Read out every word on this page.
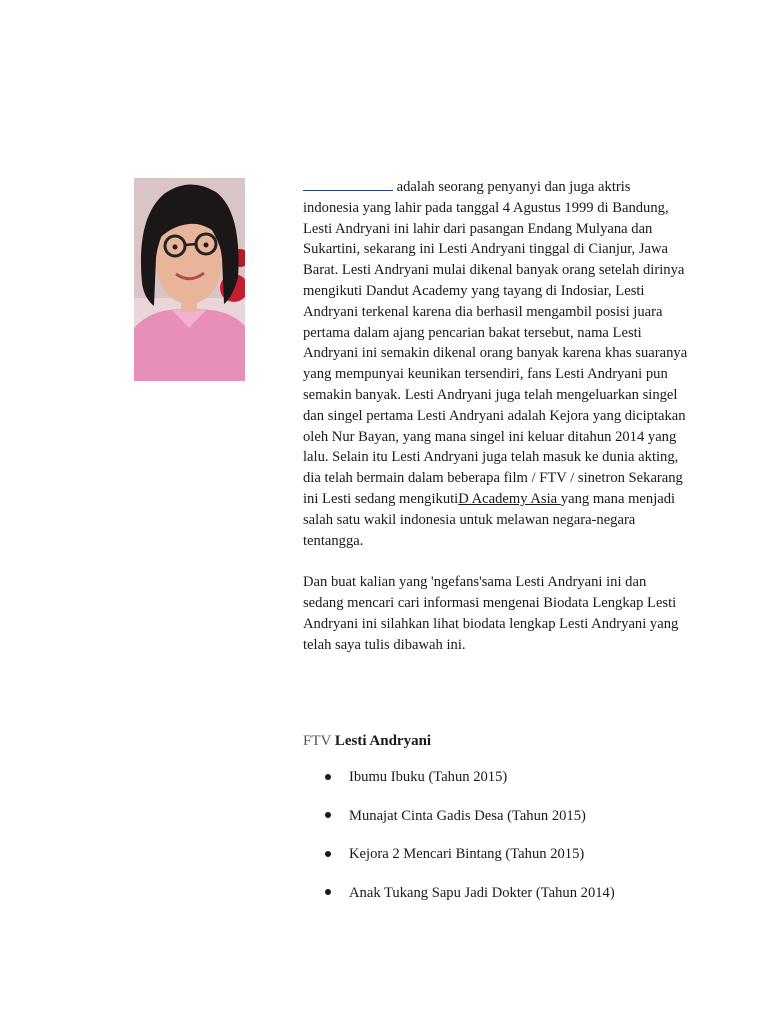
adalah seorang penyanyi dan juga aktris indonesia yang lahir pada tanggal 4 Agustus 1999 di Bandung, Lesti Andryani ini lahir dari pasangan Endang Mulyana dan Sukartini, sekarang ini Lesti Andryani tinggal di Cianjur, Jawa Barat. Lesti Andryani mulai dikenal banyak orang setelah dirinya mengikuti Dandut Academy yang tayang di Indosiar, Lesti Andryani terkenal karena dia berhasil mengambil posisi juara pertama dalam ajang pencarian bakat tersebut, nama Lesti Andryani ini semakin dikenal orang banyak karena khas suaranya yang mempunyai keunikan tersendiri, fans Lesti Andryani pun semakin banyak. Lesti Andryani juga telah mengeluarkan singel dan singel pertama Lesti Andryani adalah Kejora yang diciptakan oleh Nur Bayan, yang mana singel ini keluar ditahun 2014 yang lalu. Selain itu Lesti Andryani juga telah masuk ke dunia akting, dia telah bermain dalam beberapa film / FTV / sinetron Sekarang ini Lesti sedang mengikutiD Academy Asia yang mana menjadi salah satu wakil indonesia untuk melawan negara-negara tentangga.

Dan buat kalian yang 'ngefans'sama Lesti Andryani ini dan sedang mencari cari informasi mengenai Biodata Lengkap Lesti Andryani ini silahkan lihat biodata lengkap Lesti Andryani yang telah saya tulis dibawah ini.

FTV Lesti Andryani
Ibumu Ibuku (Tahun 2015)
Munajat Cinta Gadis Desa (Tahun 2015)
Kejora 2 Mencari Bintang (Tahun 2015)
Anak Tukang Sapu Jadi Dokter (Tahun 2014)
